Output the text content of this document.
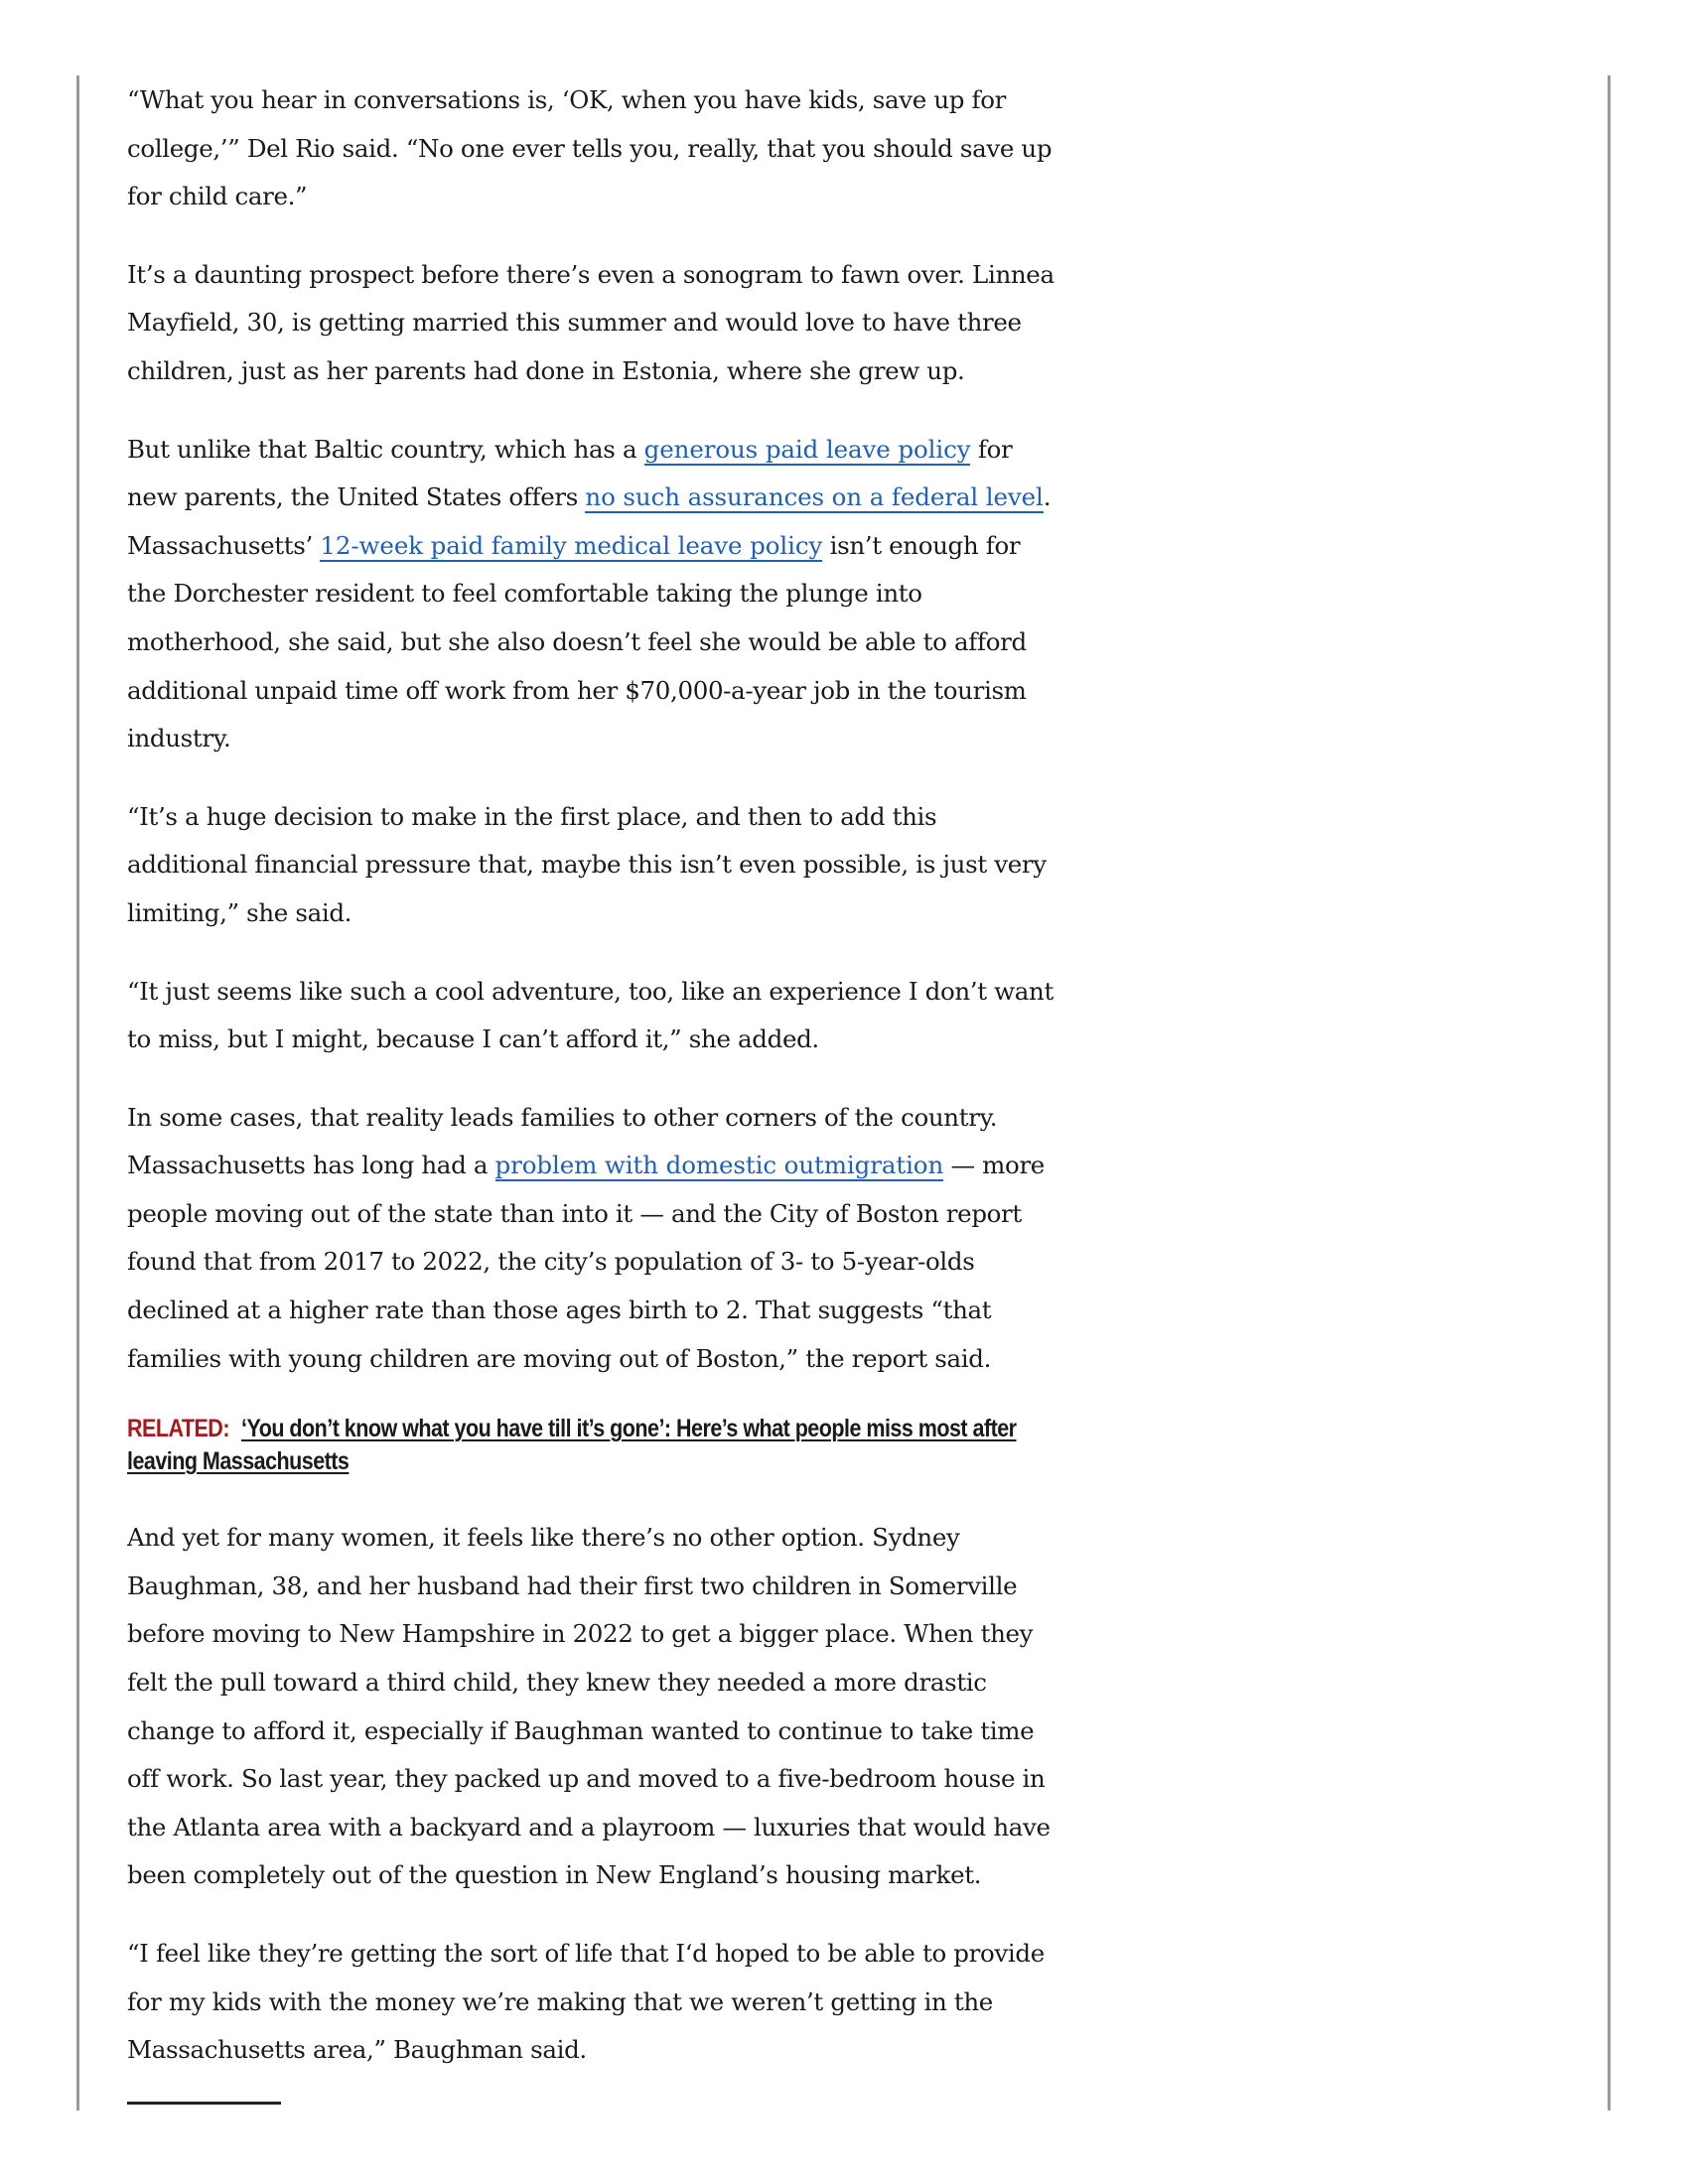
“What you hear in conversations is, ‘OK, when you have kids, save up for college,’” Del Rio said. “No one ever tells you, really, that you should save up for child care.”

It’s a daunting prospect before there’s even a sonogram to fawn over. Linnea Mayfield, 30, is getting married this summer and would love to have three children, just as her parents had done in Estonia, where she grew up.

But unlike that Baltic country, which has a generous paid leave policy for new parents, the United States offers no such assurances on a federal level. Massachusetts’ 12-week paid family medical leave policy isn’t enough for the Dorchester resident to feel comfortable taking the plunge into motherhood, she said, but she also doesn’t feel she would be able to afford additional unpaid time off work from her $70,000-a-year job in the tourism industry.

“It’s a huge decision to make in the first place, and then to add this additional financial pressure that, maybe this isn’t even possible, is just very limiting,” she said.

“It just seems like such a cool adventure, too, like an experience I don’t want to miss, but I might, because I can’t afford it,” she added.

In some cases, that reality leads families to other corners of the country. Massachusetts has long had a problem with domestic outmigration — more people moving out of the state than into it — and the City of Boston report found that from 2017 to 2022, the city’s population of 3- to 5-year-olds declined at a higher rate than those ages birth to 2. That suggests “that families with young children are moving out of Boston,” the report said.

RELATED: ‘You don’t know what you have till it’s gone’: Here’s what people miss most after leaving Massachusetts

And yet for many women, it feels like there’s no other option. Sydney Baughman, 38, and her husband had their first two children in Somerville before moving to New Hampshire in 2022 to get a bigger place. When they felt the pull toward a third child, they knew they needed a more drastic change to afford it, especially if Baughman wanted to continue to take time off work. So last year, they packed up and moved to a five-bedroom house in the Atlanta area with a backyard and a playroom — luxuries that would have been completely out of the question in New England’s housing market.

“I feel like they’re getting the sort of life that I‘d hoped to be able to provide for my kids with the money we’re making that we weren’t getting in the Massachusetts area,” Baughman said.
